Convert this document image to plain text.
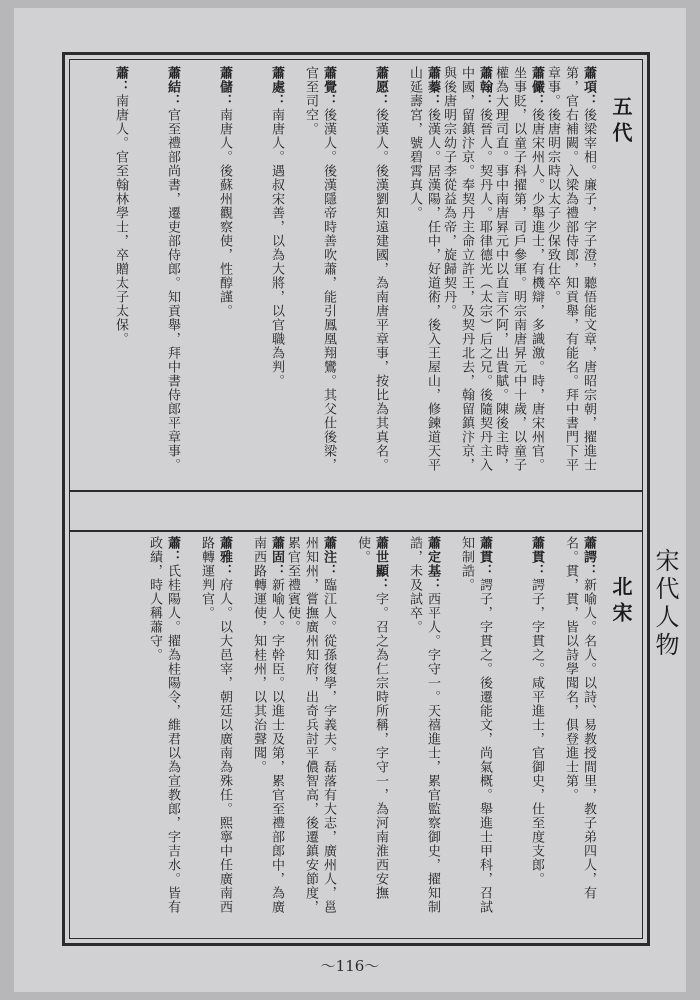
五代
蕭項：後梁宰相。廉子，字子澄，聽悟能文章，唐昭宗朝，擢進士第，官右補闕。入梁為禮部侍郎，知貢舉，有能名。拜中書門下平章事。後唐明宗時以太子少保致仕卒。
蕭儼：後唐宋州人。少舉進士，有機辯，多識激。時，唐宋州官。坐事貶，以童子科擢第，司戶參軍。明宗南唐昇元中十歲，以童子權為大理司直。事中南唐昪元中以直言不阿，出貴賦。陳後主時，
蕭翰：後晉人。契丹人。耶律德光（太宗）后之兄。後隨契丹主入中國，留鎮汴京。奉契丹主命立許王，及契丹北去，翰留鎮汴京，與後唐明宗幼子李從益為帝，旋歸契丹。
蕭蓁：後漢人。居漢陽，任中，好道術，後入王屋山，修鍊道天平山延壽宮，號碧霄真人。
蕭愿：後漢人。後漢劉知遠建國，為南唐平章事，按比為其真名。
蕭覺：後漢人。後漢隱帝時善吹蕭，能引鳳凰翔鸞。其父仕後梁，官至司空。
蕭處：南唐人。遇叔宋善，以為大將，以官職為判。
蕭儲：南唐人。後蘇州觀察使，性醇謹。
蕭結：官至禮部尚書，遷吏部侍郎。知貢舉，拜中書侍郎平章事。
蕭：南唐人。官至翰林學士，卒贈太子太保。
北宋
蕭諤：新喻人。名人。以詩、易教授間里，教子弟四人，有名。貫，貫，皆以詩學聞名，俱登進士第。
蕭貫：諤子，字貫之。咸平進士，官御史，仕至度支郎。
蕭貫：諤子，字貫之。後遷能文，尚氣概。舉進士甲科，召試知制誥。
蕭定基：西平人。字守一。天禧進士，累官監察御史，擢知制誥，未及試卒。
蕭世顯：字。召之為仁宗時所稱，字守一，為河南淮西安撫使。
蕭注：臨江人。從孫復學，字義夫。磊落有大志，廣州人，邕州知州，嘗撫廣州知府，出奇兵討平儂智高，後遷鎮安節度，累官至禮賓使。
蕭固：新喻人。字幹臣。以進士及第，累官至禮部郎中，為廣南西路轉運使，知桂州，以其治聲聞。
蕭雅：府人。以大邑宰，朝廷以廣南為殊任。熙寧中任廣南西路轉運判官。
蕭：氏桂陽人。擢為桂陽令，維君以為宣教郎，字吉水。皆有政績，時人稱蕭守。	宋代人物
～116～
